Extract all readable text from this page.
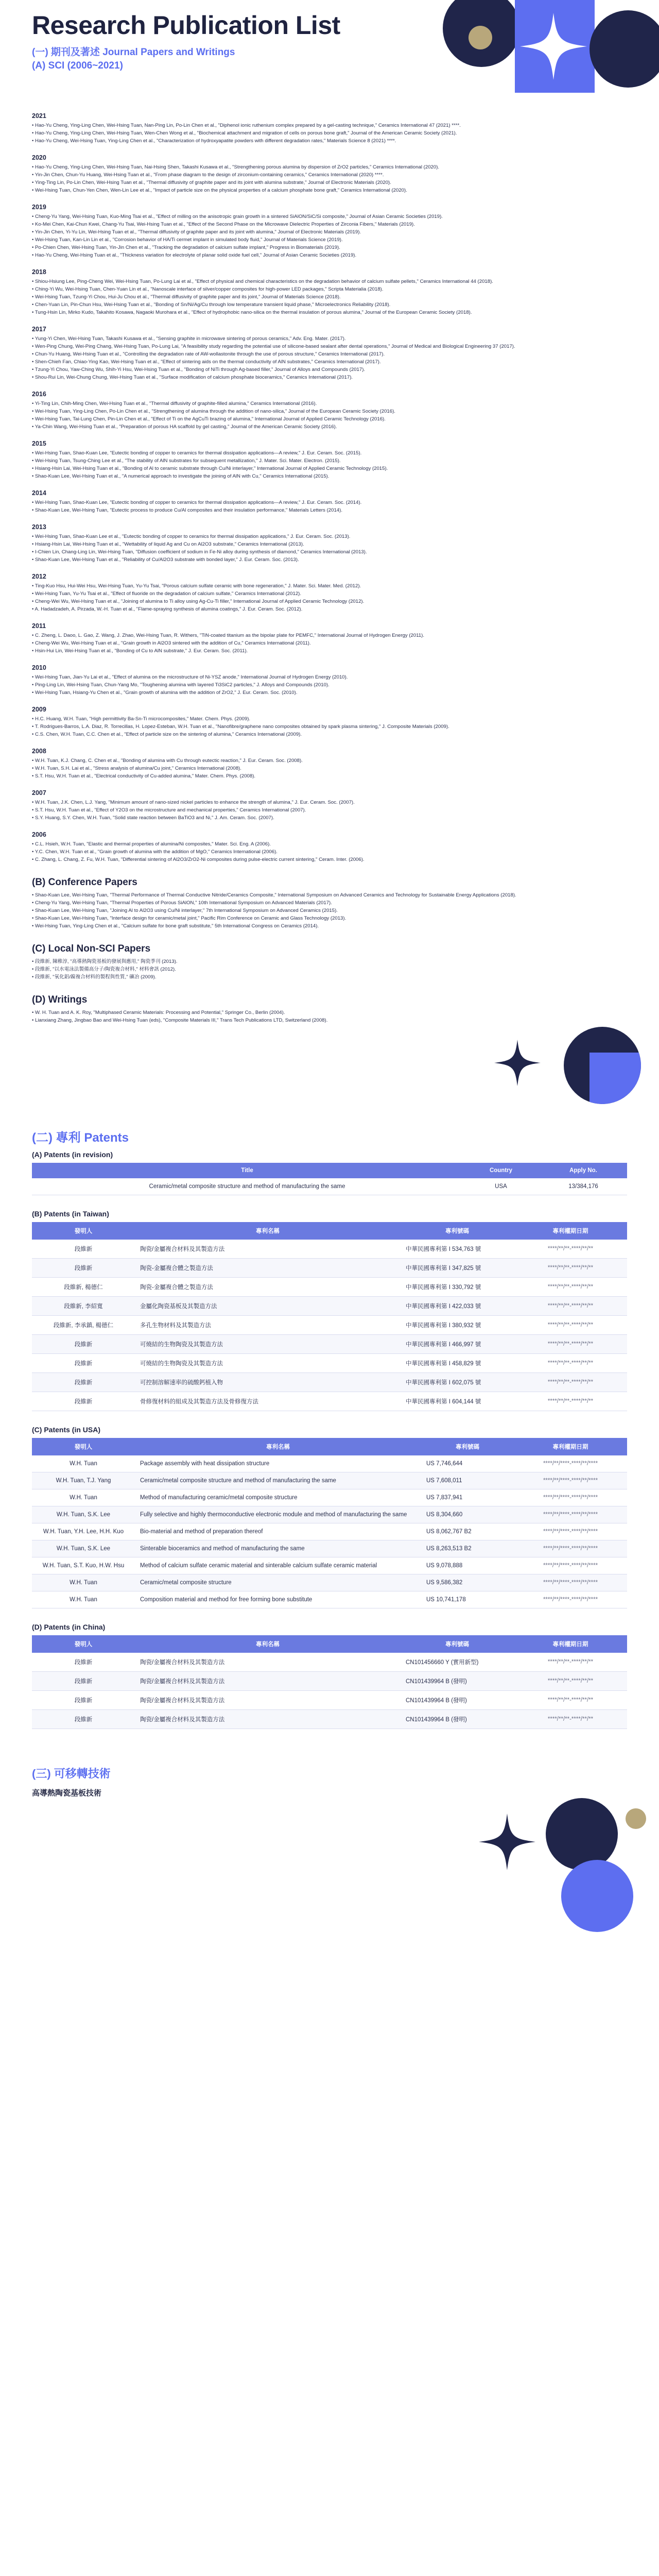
Research Publication List
(一) 期刊及著述 Journal Papers and Writings
(A) SCI (2006~2021)
2021
• Hao-Yu Cheng, Ying-Ling Chen, Wei-Hsing Tuan, Nan-Ping Lin, Po-Lin Chen et al., "Diphenol ionic ruthenium complex prepared by a gel-casting technique," Ceramics International 47 (2021) ****.
• Hao-Yu Cheng, Ying-Ling Chen, Wei-Hsing Tuan, Wen-Chen Wong et al., "Biochemical attachment and migration of cells on porous bone graft," Journal of the American Ceramic Society (2021).
• Hao-Yu Cheng, Wei-Hsing Tuan, Ying-Ling Chen et al., "Characterization of hydroxyapatite powders with different degradation rates," Materials Science 8 (2021) ****.
2020
• Hao-Yu Cheng, Ying-Ling Chen, Wei-Hsing Tuan, Nai-Hsing Shen, Takashi Kusawa et al., "Strengthening porous alumina by dispersion of ZrO2 particles," Ceramics International (2020).
• Yin-Jin Chen, Chun-Yu Huang, Wei-Hsing Tuan et al., "From phase diagram to the design of zirconium-containing ceramics," Ceramics International (2020) ****.
• Ying-Ting Lin, Po-Lin Chen, Wei-Hsing Tuan et al., "Thermal diffusivity of graphite paper and its joint with alumina substrate," Journal of Electronic Materials (2020).
• Wei-Hsing Tuan, Chun-Yen Chen, Wen-Lin Lee et al., "Impact of particle size on the physical properties of a calcium phosphate bone graft," Ceramics International (2020).
2019
• Cheng-Yu Yang, Wei-Hsing Tuan, Kuo-Ming Tsai et al., "Effect of milling on the anisotropic grain growth in a sintered SiAlON/SiC/Si composite," Journal of Asian Ceramic Societies (2019).
• Ko-Mei Chen, Kai-Chun Kwei, Chang-Yu Tsai, Wei-Hsing Tuan et al., "Effect of the Second Phase on the Microwave Dielectric Properties of Zirconia Fibers," Materials (2019).
• Yin-Jin Chen, Yi-Yu Lin, Wei-Hsing Tuan et al., "Thermal diffusivity of graphite paper and its joint with alumina," Journal of Electronic Materials (2019).
• Wei-Hsing Tuan, Kan-Lin Lin et al., "Corrosion behavior of HA/Ti cermet implant in simulated body fluid," Journal of Materials Science (2019).
• Po-Chien Chen, Wei-Hsing Tuan, Yin-Jin Chen et al., "Tracking the degradation of calcium sulfate implant," Progress in Biomaterials (2019).
• Hao-Yu Cheng, Wei-Hsing Tuan et al., "Thickness variation for electrolyte of planar solid oxide fuel cell," Journal of Asian Ceramic Societies (2019).
2018
• Shiou-Hsiung Lee, Ping-Cheng Wei, Wei-Hsing Tuan, Po-Lung Lai et al., "Effect of physical and chemical characteristics on the degradation behavior of calcium sulfate pellets," Ceramics International 44 (2018).
• Ching-Yi Wu, Wei-Hsing Tuan, Chen-Yuan Lin et al., "Nanoscale interface of silver/copper composites for high-power LED packages," Scripta Materialia (2018).
• Wei-Hsing Tuan, Tzung-Yi Chou, Hui-Ju Chou et al., "Thermal diffusivity of graphite paper and its joint," Journal of Materials Science (2018).
• Chen-Yuan Lin, Pin-Chun Hsu, Wei-Hsing Tuan et al., "Bonding of Sn/Ni/Ag/Cu through low temperature transient liquid phase," Microelectronics Reliability (2018).
• Tung-Hsin Lin, Mirko Kudo, Takahito Kosawa, Nagaoki Murohara et al., "Effect of hydrophobic nano-silica on the thermal insulation of porous alumina," Journal of the European Ceramic Society (2018).
2017
• Yung-Yi Chen, Wei-Hsing Tuan, Takashi Kusawa et al., "Sensing graphite in microwave sintering of porous ceramics," Adv. Eng. Mater. (2017).
• Wen-Ping Chung, Wei-Ping Chang, Wei-Hsing Tuan, Po-Lung Lai, "A feasibility study regarding the potential use of silicone-based sealant after dental operations," Journal of Medical and Biological Engineering 37 (2017).
• Chun-Yu Huang, Wei-Hsing Tuan et al., "Controlling the degradation rate of AW-wollastonite through the use of porous structure," Ceramics International (2017).
• Shen-Chieh Fan, Chiao-Ying Kao, Wei-Hsing Tuan et al., "Effect of sintering aids on the thermal conductivity of AlN substrates," Ceramics International (2017).
• Tzung-Yi Chou, Yaw-Ching Wu, Shih-Yi Hsu, Wei-Hsing Tuan et al., "Bonding of NiTi through Ag-based filler," Journal of Alloys and Compounds (2017).
• Shou-Rui Lin, Wei-Chung Chung, Wei-Hsing Tuan et al., "Surface modification of calcium phosphate bioceramics," Ceramics International (2017).
2016
• Yi-Ting Lin, Chih-Ming Chen, Wei-Hsing Tuan et al., "Thermal diffusivity of graphite-filled alumina," Ceramics International (2016).
• Wei-Hsing Tuan, Ying-Ling Chen, Po-Lin Chen et al., "Strengthening of alumina through the addition of nano-silica," Journal of the European Ceramic Society (2016).
• Wei-Hsing Tuan, Tai-Lung Chen, Pin-Lin Chen et al., "Effect of Ti on the AgCuTi brazing of alumina," International Journal of Applied Ceramic Technology (2016).
• Ya-Chin Wang, Wei-Hsing Tuan et al., "Preparation of porous HA scaffold by gel casting," Journal of the American Ceramic Society (2016).
2015
• Wei-Hsing Tuan, Shao-Kuan Lee, "Eutectic bonding of copper to ceramics for thermal dissipation applications—A review," J. Eur. Ceram. Soc. (2015).
• Wei-Hsing Tuan, Tsung-Ching Lee et al., "The stability of AlN substrates for subsequent metallization," J. Mater. Sci. Mater. Electron. (2015).
• Hsiang-Hsin Lai, Wei-Hsing Tuan et al., "Bonding of Al to ceramic substrate through Cu/Ni interlayer," International Journal of Applied Ceramic Technology (2015).
• Shao-Kuan Lee, Wei-Hsing Tuan et al., "A numerical approach to investigate the joining of AlN with Cu," Ceramics International (2015).
2014
• Wei-Hsing Tuan, Shao-Kuan Lee, "Eutectic bonding of copper to ceramics for thermal dissipation applications—A review," J. Eur. Ceram. Soc. (2014).
• Shao-Kuan Lee, Wei-Hsing Tuan, "Eutectic process to produce Cu/Al composites and their insulation performance," Materials Letters (2014).
2013
• Wei-Hsing Tuan, Shao-Kuan Lee et al., "Eutectic bonding of copper to ceramics for thermal dissipation applications," J. Eur. Ceram. Soc. (2013).
• Hsiang-Hsin Lai, Wei-Hsing Tuan et al., "Wettability of liquid Ag and Cu on Al2O3 substrate," Ceramics International (2013).
• I-Chien Lin, Chang-Ling Lin, Wei-Hsing Tuan, "Diffusion coefficient of sodium in Fe-Ni alloy during synthesis of diamond," Ceramics International (2013).
• Shao-Kuan Lee, Wei-Hsing Tuan et al., "Reliability of Cu/Al2O3 substrate with bonded layer," J. Eur. Ceram. Soc. (2013).
2012
• Ting-Kuo Hsu, Hui-Wei Hsu, Wei-Hsing Tuan, Yu-Yu Tsai, "Porous calcium sulfate ceramic with bone regeneration," J. Mater. Sci. Mater. Med. (2012).
• Wei-Hsing Tuan, Yu-Yu Tsai et al., "Effect of fluoride on the degradation of calcium sulfate," Ceramics International (2012).
• Cheng-Wei Wu, Wei-Hsing Tuan et al., "Joining of alumina to Ti alloy using Ag-Cu-Ti filler," International Journal of Applied Ceramic Technology (2012).
• A. Hadadzadeh, A. Pirzada, W.-H. Tuan et al., "Flame-spraying synthesis of alumina coatings," J. Eur. Ceram. Soc. (2012).
2011
• C. Zheng, L. Daoo, L. Gao, Z. Wang, J. Zhao, Wei-Hsing Tuan, R. Withers, "TiN-coated titanium as the bipolar plate for PEMFC," International Journal of Hydrogen Energy (2011).
• Cheng-Wei Wu, Wei-Hsing Tuan et al., "Grain growth in Al2O3 sintered with the addition of Cu," Ceramics International (2011).
• Hsin-Hui Lin, Wei-Hsing Tuan et al., "Bonding of Cu to AlN substrate," J. Eur. Ceram. Soc. (2011).
2010
• Wei-Hsing Tuan, Jian-Yu Lai et al., "Effect of alumina on the microstructure of Ni-YSZ anode," International Journal of Hydrogen Energy (2010).
• Ping-Ling Lin, Wei-Hsing Tuan, Chun-Yang Mo, "Toughening alumina with layered Ti3SiC2 particles," J. Alloys and Compounds (2010).
• Wei-Hsing Tuan, Hsiang-Yu Chen et al., "Grain growth of alumina with the addition of ZrO2," J. Eur. Ceram. Soc. (2010).
2009
• H.C. Huang, W.H. Tuan, "High permittivity Ba-Sn-Ti microcomposites," Mater. Chem. Phys. (2009).
• T. Rodrigues-Barros, L.A. Diaz, R. Torrecillas, H. Lopez-Esteban, W.H. Tuan et al., "Nanofibre/graphene nano composites obtained by spark plasma sintering," J. Composite Materials (2009).
• C.S. Chen, W.H. Tuan, C.C. Chen et al., "Effect of particle size on the sintering of alumina," Ceramics International (2009).
2008
• W.H. Tuan, K.J. Chang, C. Chen et al., "Bonding of alumina with Cu through eutectic reaction," J. Eur. Ceram. Soc. (2008).
• W.H. Tuan, S.H. Lai et al., "Stress analysis of alumina/Cu joint," Ceramics International (2008).
• S.T. Hsu, W.H. Tuan et al., "Electrical conductivity of Cu-added alumina," Mater. Chem. Phys. (2008).
2007
• W.H. Tuan, J.K. Chen, L.J. Yang, "Minimum amount of nano-sized nickel particles to enhance the strength of alumina," J. Eur. Ceram. Soc. (2007).
• S.T. Hsu, W.H. Tuan et al., "Effect of Y2O3 on the microstructure and mechanical properties," Ceramics International (2007).
• S.Y. Huang, S.Y. Chen, W.H. Tuan, "Solid state reaction between BaTiO3 and Ni," J. Am. Ceram. Soc. (2007).
2006
• C.L. Hsieh, W.H. Tuan, "Elastic and thermal properties of alumina/Ni composites," Mater. Sci. Eng. A (2006).
• Y.C. Chen, W.H. Tuan et al., "Grain growth of alumina with the addition of MgO," Ceramics International (2006).
• C. Zhang, L. Chang, Z. Fu, W.H. Tuan, "Differential sintering of Al2O3/ZrO2-Ni composites during pulse-electric current sintering," Ceram. Inter. (2006).
(B) Conference Papers
• Shao-Kuan Lee, Wei-Hsing Tuan, "Thermal Performance of Thermal Conductive Nitride/Ceramics Composite," International Symposium on Advanced Ceramics and Technology for Sustainable Energy Applications (2018).
• Cheng-Yu Yang, Wei-Hsing Tuan, "Thermal Properties of Porous SiAlON," 10th International Symposium on Advanced Materials (2017).
• Shao-Kuan Lee, Wei-Hsing Tuan, "Joining Al to Al2O3 using Cu/Ni interlayer," 7th International Symposium on Advanced Ceramics (2015).
• Shao-Kuan Lee, Wei-Hsing Tuan, "Interface design for ceramic/metal joint," Pacific Rim Conference on Ceramic and Glass Technology (2013).
• Wei-Hsing Tuan, Ying-Ling Chen et al., "Calcium sulfate for bone graft substitute," 5th International Congress on Ceramics (2014).
(C) Local Non-SCI Papers
• 段維新, 陳稚淳, "高導熱陶瓷基板的發展與應用," 陶瓷季刊 (2013).
• 段維新, "以水電泳法製備高分子/陶瓷複合材料," 材料會訊 (2012).
• 段維新, "氧化鋁/鎳複合材料的製程與性質," 礦冶 (2009).
(D) Writings
• W. H. Tuan and A. K. Roy, "Multiphased Ceramic Materials: Processing and Potential," Springer Co., Berlin (2004).
• Lianxiang Zhang, Jingbao Bao and Wei-Hsing Tuan (eds), "Composite Materials III," Trans Tech Publications LTD, Switzerland (2008).
(二) 專利 Patents
(A) Patents (in revision)
Title	Country	Apply No.
Ceramic/metal composite structure and method of manufacturing the same	USA	13/384,176
(B) Patents (in Taiwan)
發明人	專利名稱	專利號碼	專利權期日期
段維新	陶瓷/金屬複合材料及其製造方法	中華民國專利第 I 534,763 號	****/**/**-****/**/**
段維新	陶瓷-金屬複合體之製造方法	中華民國專利第 I 347,825 號	****/**/**-****/**/**
段維新, 楊德仁	陶瓷-金屬複合體之製造方法	中華民國專利第 I 330,792 號	****/**/**-****/**/**
段維新, 李紹寬	金屬化陶瓷基板及其製造方法	中華民國專利第 I 422,033 號	****/**/**-****/**/**
段維新, 李承鎮, 楊德仁	多孔生物材料及其製造方法	中華民國專利第 I 380,932 號	****/**/**-****/**/**
段維新	可燒結的生物陶瓷及其製造方法	中華民國專利第 I 466,997 號	****/**/**-****/**/**
段維新	可燒結的生物陶瓷及其製造方法	中華民國專利第 I 458,829 號	****/**/**-****/**/**
段維新	可控制溶解速率的硫酸鈣植入物	中華民國專利第 I 602,075 號	****/**/**-****/**/**
段維新	骨修復材料的組成及其製造方法及骨修復方法	中華民國專利第 I 604,144 號	****/**/**-****/**/**
(C) Patents (in USA)
發明人	專利名稱	專利號碼	專利權期日期
W.H. Tuan	Package assembly with heat dissipation structure	US 7,746,644	****/**/****-****/**/****
W.H. Tuan, T.J. Yang	Ceramic/metal composite structure and method of manufacturing the same	US 7,608,011	****/**/****-****/**/****
W.H. Tuan	Method of manufacturing ceramic/metal composite structure	US 7,837,941	****/**/****-****/**/****
W.H. Tuan, S.K. Lee	Fully selective and highly thermoconductive electronic module and method of manufacturing the same	US 8,304,660	****/**/****-****/**/****
W.H. Tuan, Y.H. Lee, H.H. Kuo	Bio-material and method of preparation thereof	US 8,062,767 B2	****/**/****-****/**/****
W.H. Tuan, S.K. Lee	Sinterable bioceramics and method of manufacturing the same	US 8,263,513 B2	****/**/****-****/**/****
W.H. Tuan, S.T. Kuo, H.W. Hsu	Method of calcium sulfate ceramic material and sinterable calcium sulfate ceramic material	US 9,078,888	****/**/****-****/**/****
W.H. Tuan	Ceramic/metal composite structure	US 9,586,382	****/**/****-****/**/****
W.H. Tuan	Composition material and method for free forming bone substitute	US 10,741,178	****/**/****-****/**/****
(D) Patents (in China)
發明人	專利名稱	專利號碼	專利權期日期
段維新	陶瓷/金屬複合材料及其製造方法	CN101456660 Y (實用新型)	****/**/**-****/**/**
段維新	陶瓷/金屬複合材料及其製造方法	CN101439964 B (發明)	****/**/**-****/**/**
段維新	陶瓷/金屬複合材料及其製造方法	CN101439964 B (發明)	****/**/**-****/**/**
段維新	陶瓷/金屬複合材料及其製造方法	CN101439964 B (發明)	****/**/**-****/**/**
(三) 可移轉技術
高導熱陶瓷基板技術
